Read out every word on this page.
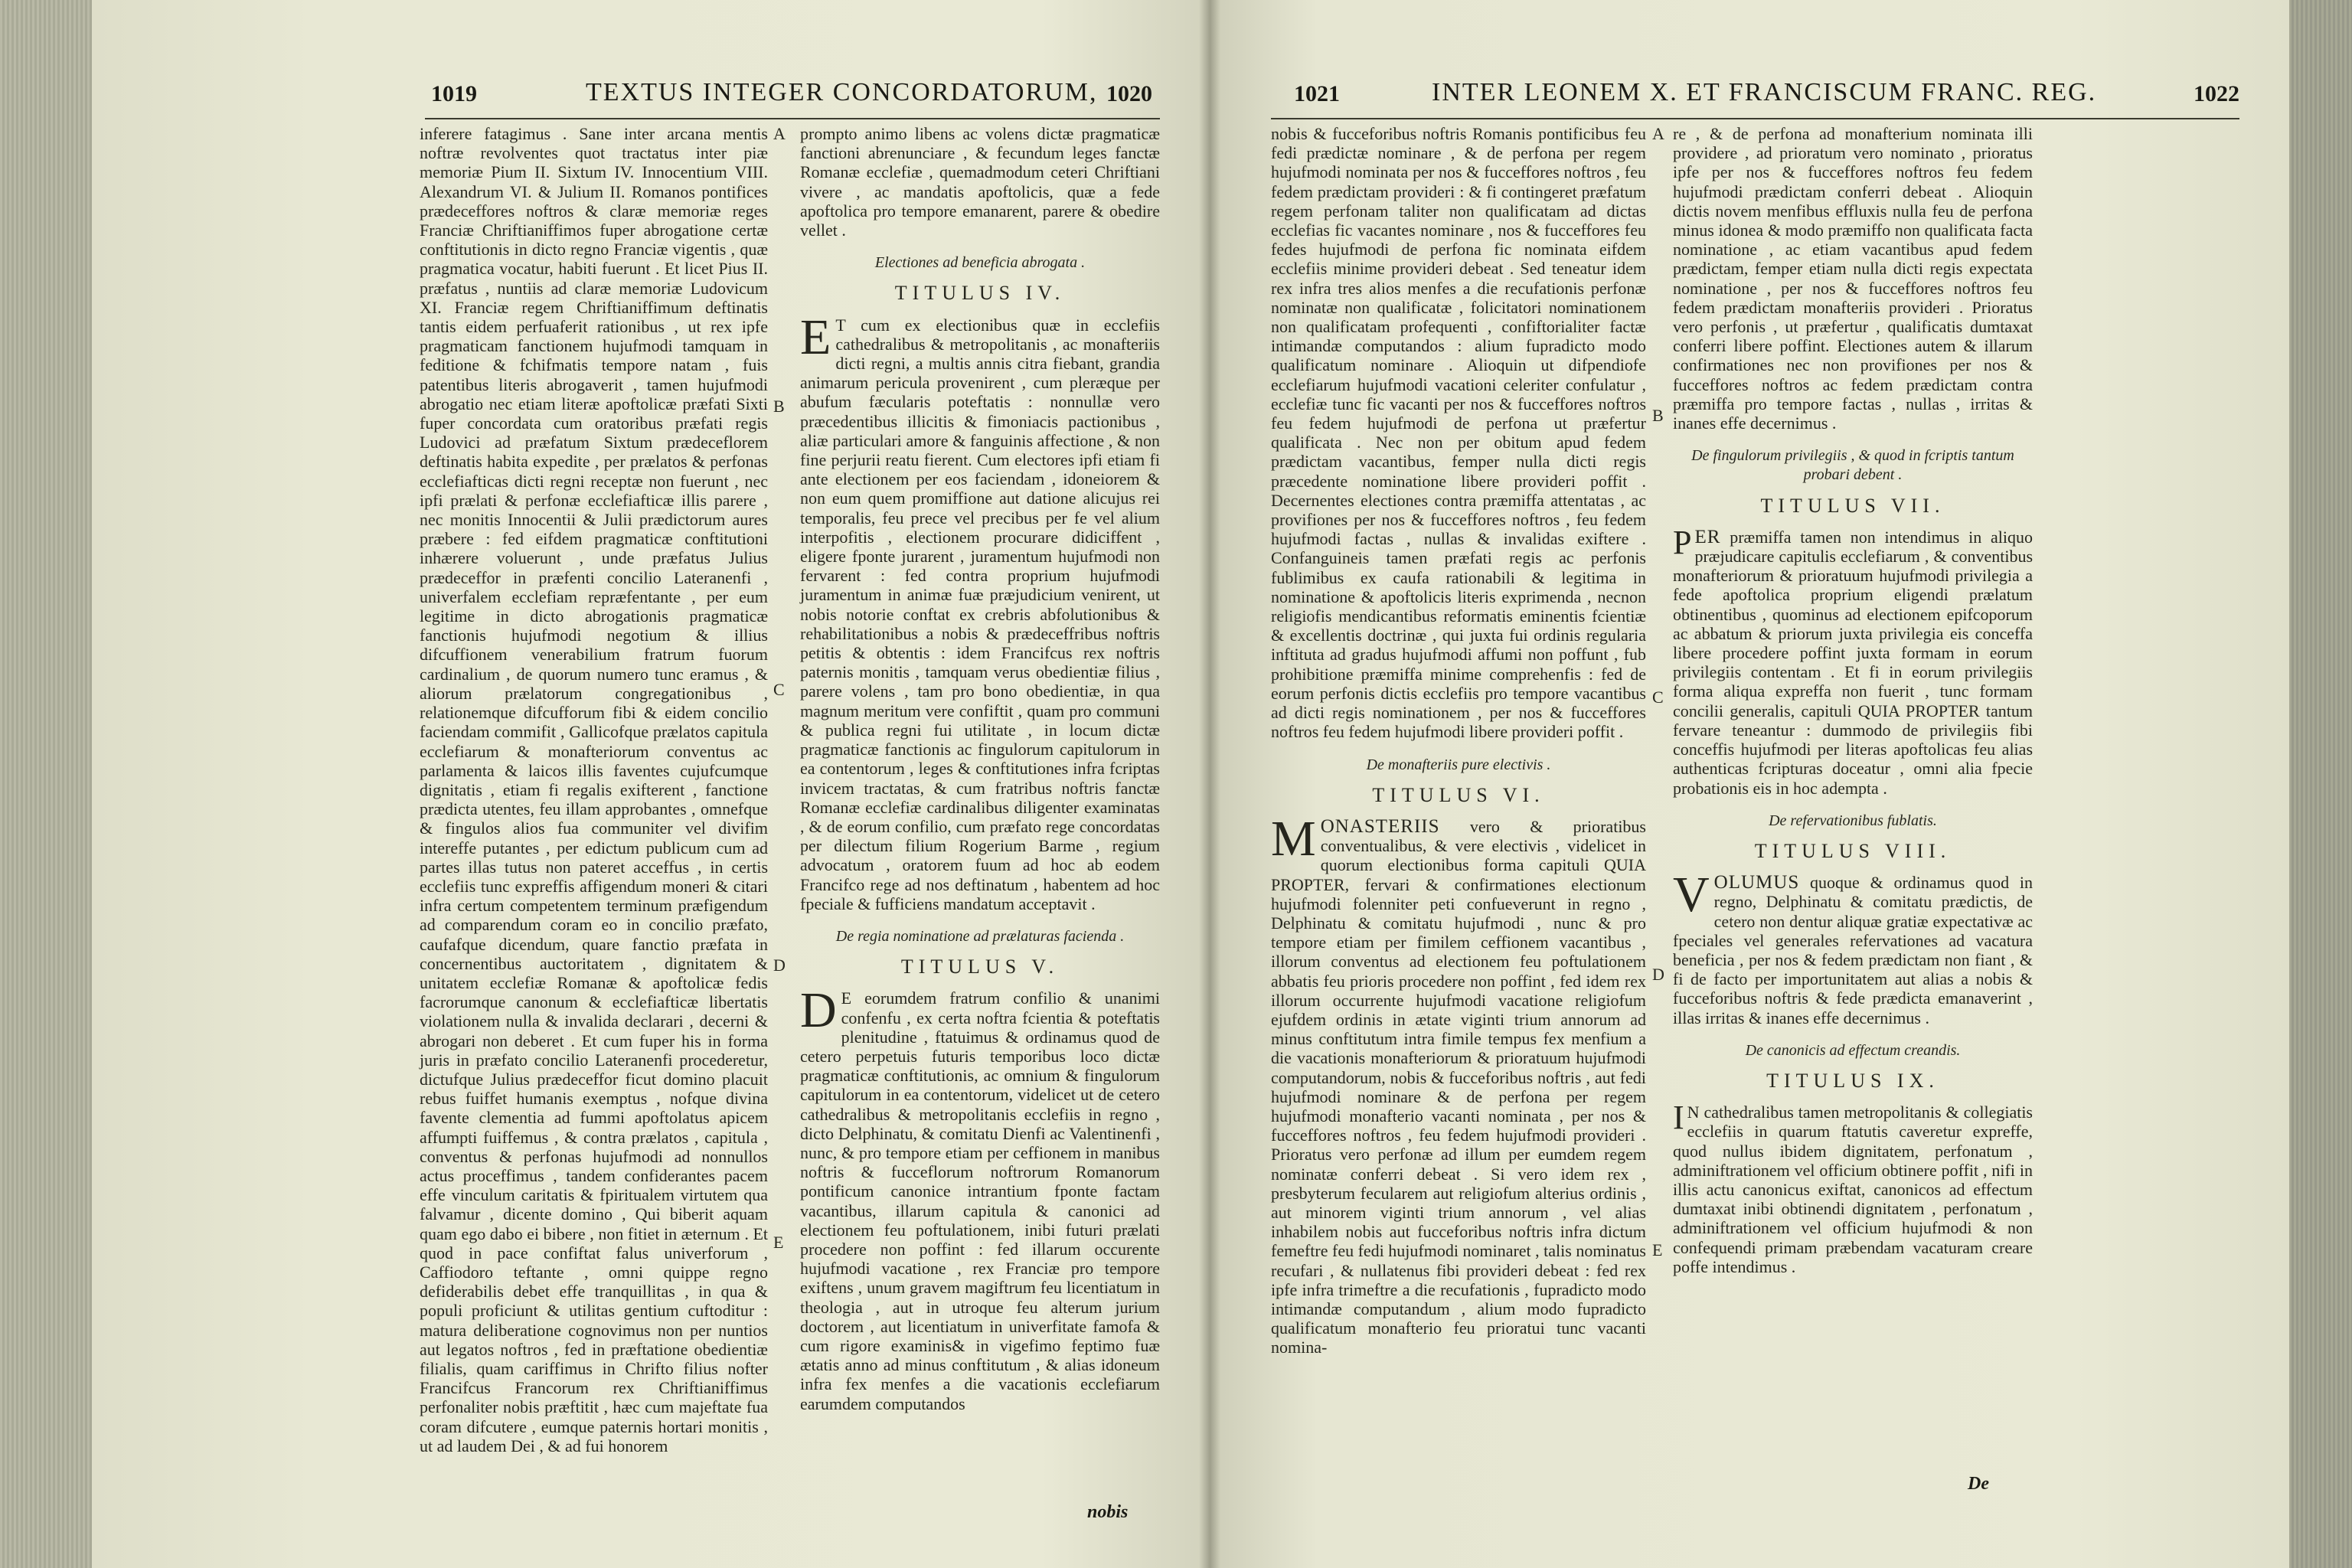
1019	TEXTUS INTEGER CONCORDATORUM, 1020	1021	INTER LEONEM X. ET FRANCISCUM FRANC. REG.	1022

inferere fatagimus . Sane inter arcana mentis noftræ revolventes quot tractatus inter piæ memoriæ Pium II. Sixtum IV. Innocentium VIII. Alexandrum VI. & Julium II. Romanos pontifices prædeceffores noftros & claræ memoriæ reges Franciæ Chriftianiffimos fuper abrogatione certæ conftitutionis in dicto regno Franciæ vigentis , quæ pragmatica vocatur, habiti fuerunt . Et licet Pius II. præfatus , nuntiis ad claræ memoriæ Ludovicum XI. Franciæ regem Chriftianiffimum deftinatis tantis eidem perfuaferit rationibus , ut rex ipfe pragmaticam fanctionem hujufmodi tamquam in feditione & fchifmatis tempore natam , fuis patentibus literis abrogaverit , tamen hujufmodi abrogatio nec etiam literæ apoftolicæ præfati Sixti fuper concordata cum oratoribus præfati regis Ludovici ad præfatum Sixtum prædeceflorem deftinatis habita expedite , per prælatos & perfonas ecclefiafticas dicti regni receptæ non fuerunt , nec ipfi prælati & perfonæ ecclefiafticæ illis parere , nec monitis Innocentii & Julii prædictorum aures præbere : fed eifdem pragmaticæ conftitutioni inhærere voluerunt , unde præfatus Julius prædeceffor in præfenti concilio Lateranenfi , univerfalem ecclefiam repræfentante , per eum legitime in dicto abrogationis pragmaticæ fanctionis hujufmodi negotium & illius difcuffionem venerabilium fratrum fuorum cardinalium , de quorum numero tunc eramus , & aliorum prælatorum congregationibus , relationemque difcufforum fibi & eidem concilio faciendam commifit , Gallicofque prælatos capitula ecclefiarum & monafteriorum conventus ac parlamenta & laicos illis faventes cujufcumque dignitatis , etiam fi regalis exifterent , fanctione prædicta utentes, feu illam approbantes , omnefque & fingulos alios fua communiter vel divifim intereffe putantes , per edictum publicum cum ad partes illas tutus non pateret acceffus , in certis ecclefiis tunc expreffis affigendum moneri & citari infra certum competentem terminum præfigendum ad comparendum coram eo in concilio præfato, caufafque dicendum, quare fanctio præfata in concernentibus auctoritatem , dignitatem & unitatem ecclefiæ Romanæ & apoftolicæ fedis facrorumque canonum & ecclefiafticæ libertatis violationem nulla & invalida declarari , decerni & abrogari non deberet . Et cum fuper his in forma juris in præfato concilio Lateranenfi procederetur, dictufque Julius prædeceffor ficut domino placuit rebus fuiffet humanis exemptus , nofque divina favente clementia ad fummi apoftolatus apicem affumpti fuiffemus , & contra prælatos , capitula , conventus & perfonas hujufmodi ad nonnullos actus proceffimus , tandem confiderantes pacem effe vinculum caritatis & fpiritualem virtutem qua falvamur , dicente domino , Qui biberit aquam quam ego dabo ei bibere , non fitiet in æternum . Et quod in pace confiftat falus univerforum , Caffiodoro teftante , omni quippe regno defiderabilis debet effe tranquillitas , in qua & populi proficiunt & utilitas gentium cuftoditur : matura deliberatione cognovimus non per nuntios aut legatos noftros , fed in præftatione obedientiæ filialis, quam cariffimus in Chrifto filius nofter Francifcus Francorum rex Chriftianiffimus perfonaliter nobis præftitit , hæc cum majeftate fua coram difcutere , eumque paternis hortari monitis , ut ad laudem Dei , & ad fui honorem

A
B
C
D
E

prompto animo libens ac volens dictæ pragmaticæ fanctioni abrenunciare , & fecundum leges fanctæ Romanæ ecclefiæ , quemadmodum ceteri Chriftiani vivere , ac mandatis apoftolicis, quæ a fede apoftolica pro tempore emanarent, parere & obedire vellet .

Electiones ad beneficia abrogata .
TITULUS IV.

E T cum ex electionibus quæ in ecclefiis cathedralibus & metropolitanis , ac monafteriis dicti regni, a multis annis citra fiebant, grandia animarum pericula provenirent , cum pleræque per abufum fæcularis poteftatis : nonnullæ vero præcedentibus illicitis & fimoniacis pactionibus , aliæ particulari amore & fanguinis affectione , & non fine perjurii reatu fierent. Cum electores ipfi etiam fi ante electionem per eos faciendam , idoneiorem & non eum quem promiffione aut datione alicujus rei temporalis, feu prece vel precibus per fe vel alium interpofitis , electionem procurare didiciffent , eligere fponte jurarent , juramentum hujufmodi non fervarent : fed contra proprium hujufmodi juramentum in animæ fuæ præjudicium venirent, ut nobis notorie conftat ex crebris abfolutionibus & rehabilitationibus a nobis & prædeceffribus noftris petitis & obtentis : idem Francifcus rex noftris paternis monitis , tamquam verus obedientiæ filius , parere volens , tam pro bono obedientiæ, in qua magnum meritum vere confiftit , quam pro communi & publica regni fui utilitate , in locum dictæ pragmaticæ fanctionis ac fingulorum capitulorum in ea contentorum , leges & conftitutiones infra fcriptas invicem tractatas, & cum fratribus noftris fanctæ Romanæ ecclefiæ cardinalibus diligenter examinatas , & de eorum confilio, cum præfato rege concordatas per dilectum filium Rogerium Barme , regium advocatum , oratorem fuum ad hoc ab eodem Francifco rege ad nos deftinatum , habentem ad hoc fpeciale & fufficiens mandatum acceptavit .

De regia nominatione ad prælaturas facienda .
TITULUS V.

D E eorumdem fratrum confilio & unanimi confenfu , ex certa noftra fcientia & poteftatis plenitudine , ftatuimus & ordinamus quod de cetero perpetuis futuris temporibus loco dictæ pragmaticæ conftitutionis, ac omnium & fingulorum capitulorum in ea contentorum, videlicet ut de cetero cathedralibus & metropolitanis ecclefiis in regno , dicto Delphinatu, & comitatu Dienfi ac Valentinenfi , nunc, & pro tempore etiam per ceffionem in manibus noftris & fucceflorum noftrorum Romanorum pontificum canonice intrantium fponte factam vacantibus, illarum capitula & canonici ad electionem feu poftulationem, inibi futuri prælati procedere non poffint : fed illarum occurente hujufmodi vacatione , rex Franciæ pro tempore exiftens , unum gravem magiftrum feu licentiatum in theologia , aut in utroque feu alterum jurium doctorem , aut licentiatum in univerfitate famofa & cum rigore examinis& in vigefimo feptimo fuæ ætatis anno ad minus conftitutum , & alias idoneum infra fex menfes a die vacationis ecclefiarum earumdem computandos

nobis

nobis & fucceforibus noftris Romanis pontificibus feu fedi prædictæ nominare , & de perfona per regem hujufmodi nominata per nos & fucceffores noftros , feu fedem prædictam provideri : & fi contingeret præfatum regem perfonam taliter non qualificatam ad dictas ecclefias fic vacantes nominare , nos & fucceffores feu fedes hujufmodi de perfona fic nominata eifdem ecclefiis minime provideri debeat . Sed teneatur idem rex infra tres alios menfes a die recufationis perfonæ nominatæ non qualificatæ , folicitatori nominationem non qualificatam profequenti , confiftorialiter factæ intimandæ computandos : alium fupradicto modo qualificatum nominare . Alioquin ut difpendiofe ecclefiarum hujufmodi vacationi celeriter confulatur , ecclefiæ tunc fic vacanti per nos & fucceffores noftros feu fedem hujufmodi de perfona ut præfertur qualificata . Nec non per obitum apud fedem prædictam vacantibus, femper nulla dicti regis præcedente nominatione libere provideri poffit . Decernentes electiones contra præmiffa attentatas , ac provifiones per nos & fucceffores noftros , feu fedem hujufmodi factas , nullas & invalidas exiftere . Confanguineis tamen præfati regis ac perfonis fublimibus ex caufa rationabili & legitima in nominatione & apoftolicis literis exprimenda , necnon religiofis mendicantibus reformatis eminentis fcientiæ & excellentis doctrinæ , qui juxta fui ordinis regularia inftituta ad gradus hujufmodi affumi non poffunt , fub prohibitione præmiffa minime comprehenfis : fed de eorum perfonis dictis ecclefiis pro tempore vacantibus ad dicti regis nominationem , per nos & fucceffores noftros feu fedem hujufmodi libere provideri poffit .

De monafteriis pure electivis .
TITULUS VI.

MONASTERIIS vero & prioratibus conventualibus, & vere electivis , videlicet in quorum electionibus forma capituli QUIA PROPTER, fervari & confirmationes electionum hujufmodi folenniter peti confueverunt in regno , Delphinatu & comitatu hujufmodi , nunc & pro tempore etiam per fimilem ceffionem vacantibus , illorum conventus ad electionem feu poftulationem abbatis feu prioris procedere non poffint , fed idem rex illorum occurrente hujufmodi vacatione religiofum ejufdem ordinis in ætate viginti trium annorum ad minus conftitutum intra fimile tempus fex menfium a die vacationis monafteriorum & prioratuum hujufmodi computandorum, nobis & fucceforibus noftris , aut fedi hujufmodi nominare & de perfona per regem hujufmodi monafterio vacanti nominata , per nos & fucceffores noftros , feu fedem hujufmodi provideri . Prioratus vero perfonæ ad illum per eumdem regem nominatæ conferri debeat . Si vero idem rex , presbyterum fecularem aut religiofum alterius ordinis , aut minorem viginti trium annorum , vel alias inhabilem nobis aut fucceforibus noftris infra dictum femeftre feu fedi hujufmodi nominaret , talis nominatus recufari , & nullatenus fibi provideri debeat : fed rex ipfe infra trimeftre a die recufationis , fupradicto modo intimandæ computandum , alium modo fupradicto qualificatum monafterio feu prioratui tunc vacanti nomina-

A
B
C
D
E

re , & de perfona ad monafterium nominata illi providere , ad prioratum vero nominato , prioratus ipfe per nos & fucceffores noftros feu fedem hujufmodi prædictam conferri debeat . Alioquin dictis novem menfibus effluxis nulla feu de perfona minus idonea & modo præmiffo non qualificata facta nominatione , ac etiam vacantibus apud fedem prædictam, femper etiam nulla dicti regis expectata nominatione , per nos & fucceffores noftros feu fedem prædictam monafteriis provideri . Prioratus vero perfonis , ut præfertur , qualificatis dumtaxat conferri libere poffint. Electiones autem & illarum confirmationes nec non provifiones per nos & fucceffores noftros ac fedem prædictam contra præmiffa pro tempore factas , nullas , irritas & inanes effe decernimus .

De fingulorum privilegiis , & quod in fcriptis tantum probari debent .
TITULUS VII.

PER præmiffa tamen non intendimus in aliquo præjudicare capitulis ecclefiarum , & conventibus monafteriorum & prioratuum hujufmodi privilegia a fede apoftolica proprium eligendi prælatum obtinentibus , quominus ad electionem epifcoporum ac abbatum & priorum juxta privilegia eis conceffa libere procedere poffint juxta formam in eorum privilegiis contentam . Et fi in eorum privilegiis forma aliqua expreffa non fuerit , tunc formam concilii generalis, capituli QUIA PROPTER tantum fervare teneantur : dummodo de privilegiis fibi conceffis hujufmodi per literas apoftolicas feu alias authenticas fcripturas doceatur , omni alia fpecie probationis eis in hoc adempta .

De refervationibus fublatis.
TITULUS VIII.

VOLUMUS quoque & ordinamus quod in regno, Delphinatu & comitatu prædictis, de cetero non dentur aliquæ gratiæ expectativæ ac fpeciales vel generales refervationes ad vacatura beneficia , per nos & fedem prædictam non fiant , & fi de facto per importunitatem aut alias a nobis & fucceforibus noftris & fede prædicta emanaverint , illas irritas & inanes effe decernimus .

De canonicis ad effectum creandis.
TITULUS IX.

I N cathedralibus tamen metropolitanis & collegiatis ecclefiis in quarum ftatutis caveretur expreffe, quod nullus ibidem dignitatem, perfonatum , adminiftrationem vel officium obtinere poffit , nifi in illis actu canonicus exiftat, canonicos ad effectum dumtaxat inibi obtinendi dignitatem , perfonatum , adminiftrationem vel officium hujufmodi & non confequendi primam præbendam vacaturam creare poffe intendimus .

De
